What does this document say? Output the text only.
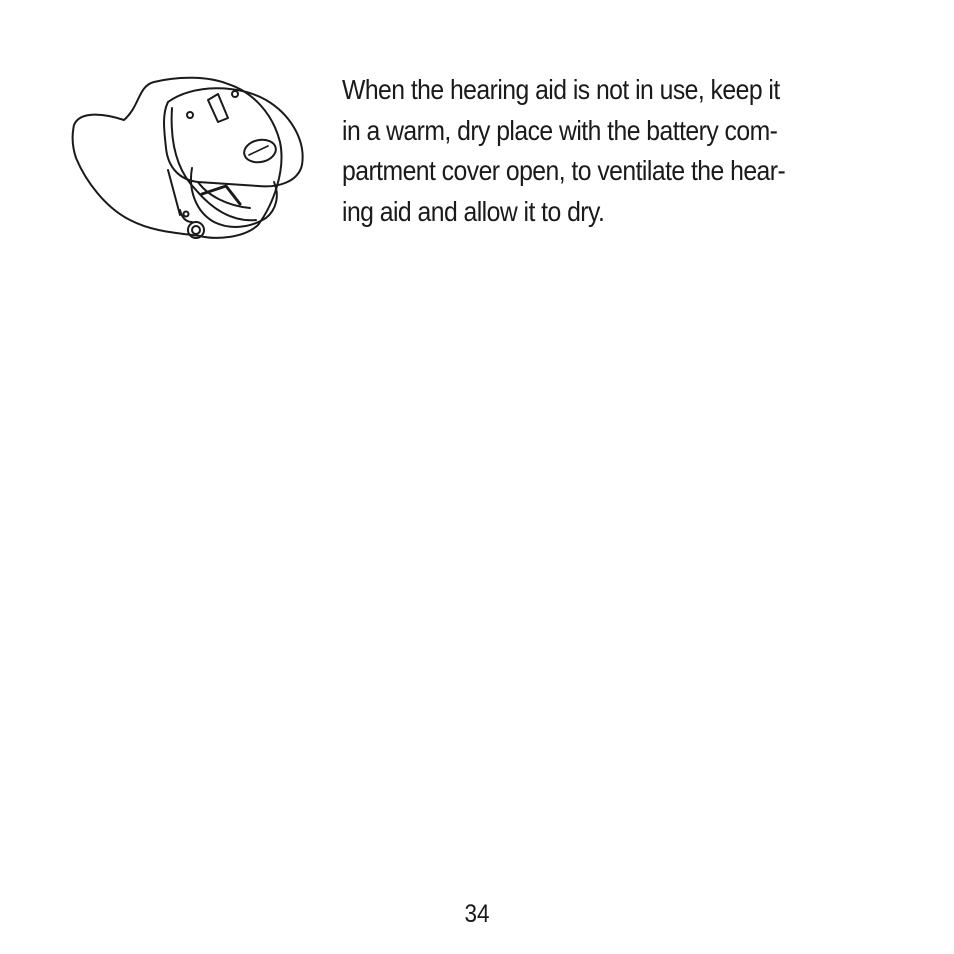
When the hearing aid is not in use, keep it
in a warm, dry place with the battery com-
partment cover open, to ventilate the hear-
ing aid and allow it to dry.

34
